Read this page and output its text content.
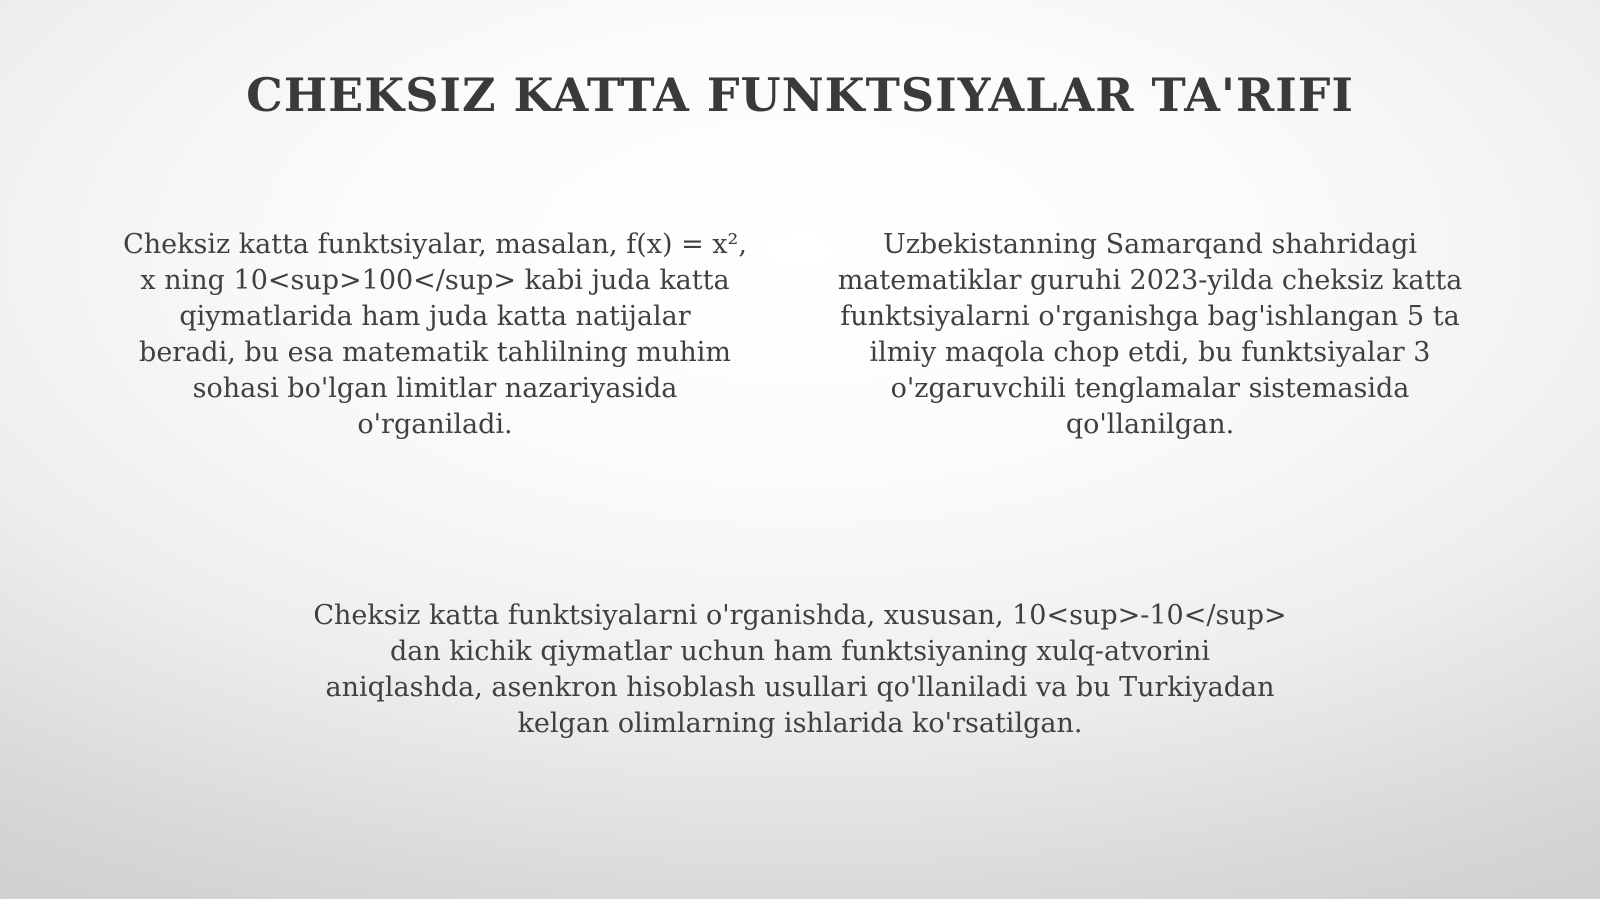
CHEKSIZ KATTA FUNKTSIYALAR TA'RIFI

Cheksiz katta funktsiyalar, masalan, f(x) = x²,
x ning 10<sup>100</sup> kabi juda katta
qiymatlarida ham juda katta natijalar
beradi, bu esa matematik tahlilning muhim
sohasi bo'lgan limitlar nazariyasida
o'rganiladi.

Uzbekistanning Samarqand shahridagi
matematiklar guruhi 2023-yilda cheksiz katta
funktsiyalarni o'rganishga bag'ishlangan 5 ta
ilmiy maqola chop etdi, bu funktsiyalar 3
o'zgaruvchili tenglamalar sistemasida
qo'llanilgan.

Cheksiz katta funktsiyalarni o'rganishda, xususan, 10<sup>-10</sup>
dan kichik qiymatlar uchun ham funktsiyaning xulq-atvorini
aniqlashda, asenkron hisoblash usullari qo'llaniladi va bu Turkiyadan
kelgan olimlarning ishlarida ko'rsatilgan.
